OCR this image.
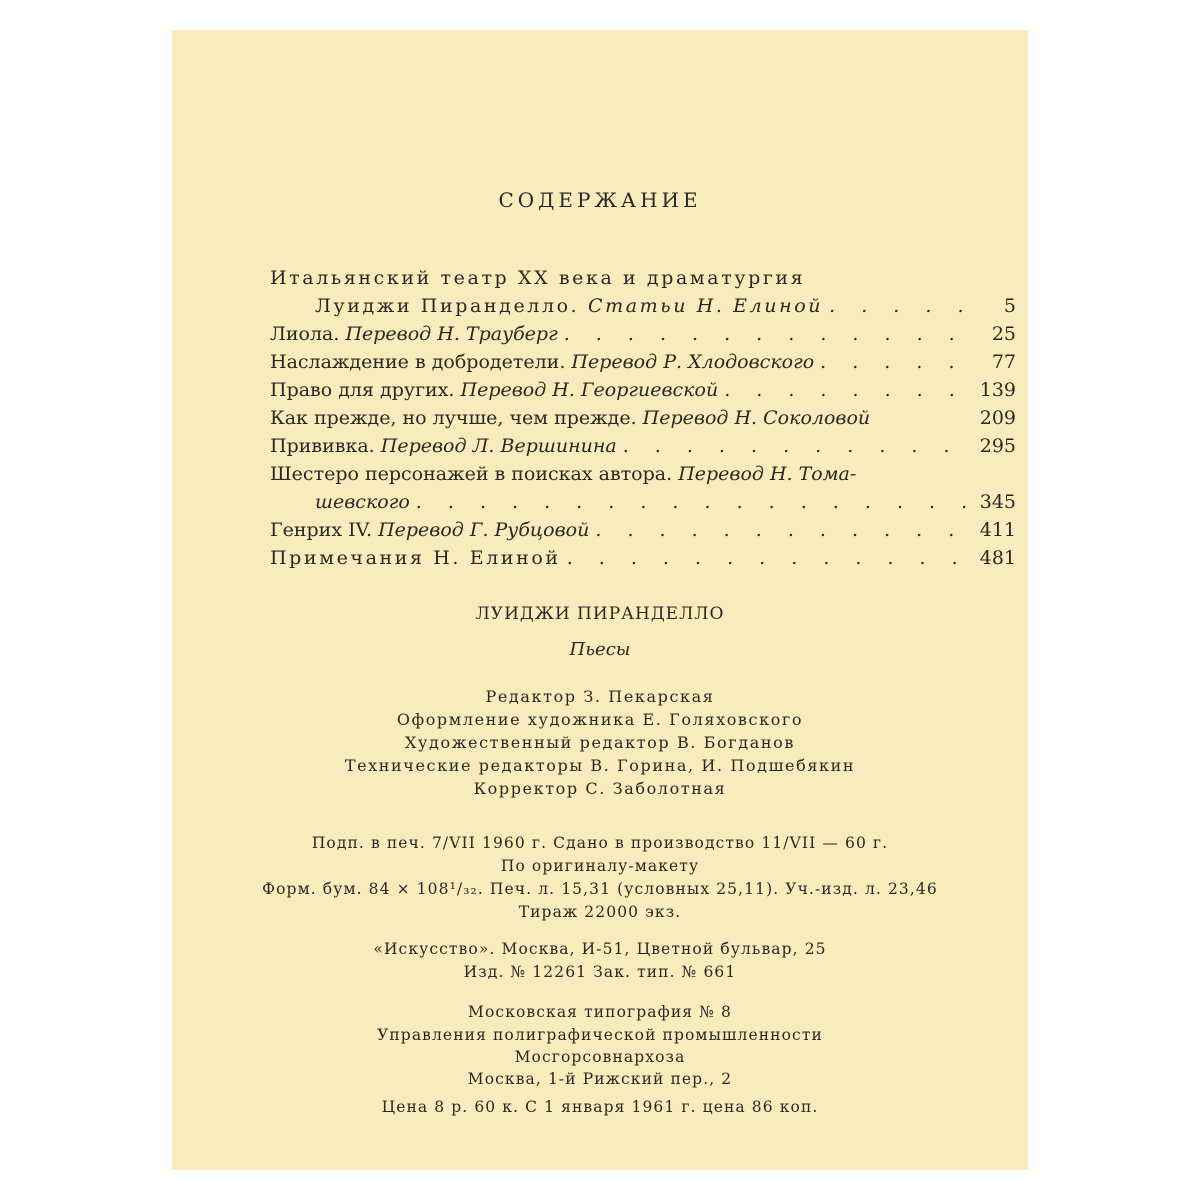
СОДЕРЖАНИЕ
Итальянский театр XX века и драматургия
Луиджи Пиранделло. Статьи Н. Елиной . . .	5
Лиола. Перевод Н. Трауберг . . .	25
Наслаждение в добродетели. Перевод Р. Хлодовского . . .	77
Право для других. Перевод Н. Георгиевской . . .	139
Как прежде, но лучше, чем прежде. Перевод Н. Соколовой	209
Прививка. Перевод Л. Вершинина . . .	295
Шестеро персонажей в поисках автора. Перевод Н. Тома-
шевского . . .	345
Генрих IV. Перевод Г. Рубцовой . . .	411
Примечания Н. Елиной . . .	481
ЛУИДЖИ ПИРАНДЕЛЛО
Пьесы
Редактор З. Пекарская
Оформление художника Е. Голяховского
Художественный редактор В. Богданов
Технические редакторы В. Горина, И. Подшебякин
Корректор С. Заболотная
Подп. в печ. 7/VII 1960 г. Сдано в производство 11/VII — 60 г.
По оригиналу-макету
Форм. бум. 84 × 108¹/₃₂. Печ. л. 15,31 (условных 25,11). Уч.-изд. л. 23,46
Тираж 22000 экз.
«Искусство». Москва, И-51, Цветной бульвар, 25
Изд. № 12261 Зак. тип. № 661
Московская типография № 8
Управления полиграфической промышленности
Мосгорсовнархоза
Москва, 1-й Рижский пер., 2
Цена 8 р. 60 к. С 1 января 1961 г. цена 86 коп.
